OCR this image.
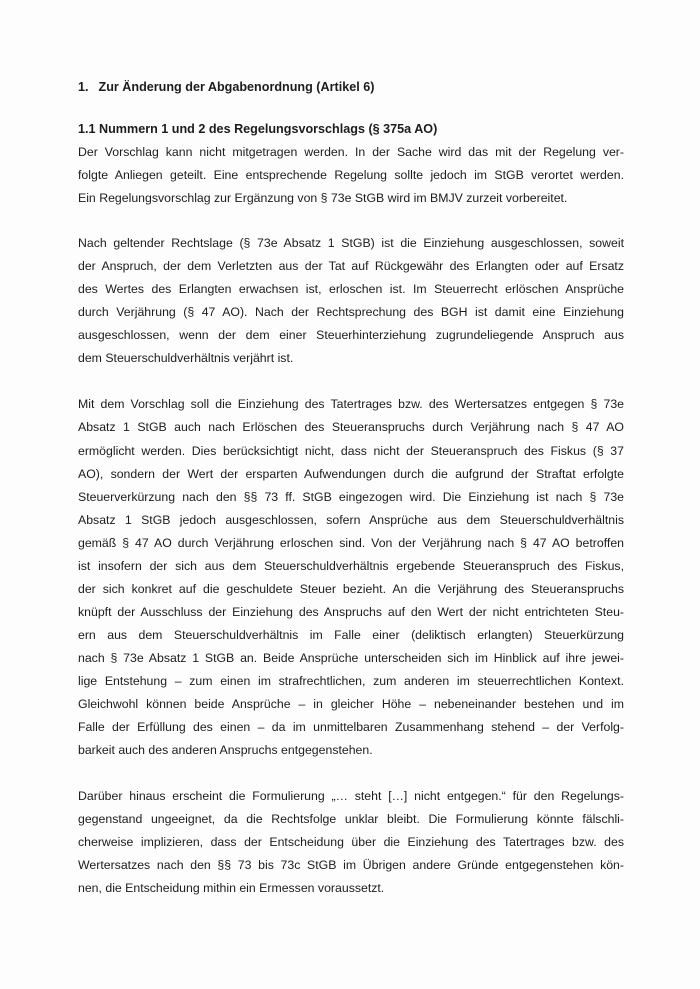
1. Zur Änderung der Abgabenordnung (Artikel 6)
1.1 Nummern 1 und 2 des Regelungsvorschlags (§ 375a AO)
Der Vorschlag kann nicht mitgetragen werden. In der Sache wird das mit der Regelung ver-
folgte Anliegen geteilt. Eine entsprechende Regelung sollte jedoch im StGB verortet werden.
Ein Regelungsvorschlag zur Ergänzung von § 73e StGB wird im BMJV zurzeit vorbereitet.
Nach geltender Rechtslage (§ 73e Absatz 1 StGB) ist die Einziehung ausgeschlossen, soweit
der Anspruch, der dem Verletzten aus der Tat auf Rückgewähr des Erlangten oder auf Ersatz
des Wertes des Erlangten erwachsen ist, erloschen ist. Im Steuerrecht erlöschen Ansprüche
durch Verjährung (§ 47 AO). Nach der Rechtsprechung des BGH ist damit eine Einziehung
ausgeschlossen, wenn der dem einer Steuerhinterziehung zugrundeliegende Anspruch aus
dem Steuerschuldverhältnis verjährt ist.
Mit dem Vorschlag soll die Einziehung des Tatertrages bzw. des Wertersatzes entgegen § 73e
Absatz 1 StGB auch nach Erlöschen des Steueranspruchs durch Verjährung nach § 47 AO
ermöglicht werden. Dies berücksichtigt nicht, dass nicht der Steueranspruch des Fiskus (§ 37
AO), sondern der Wert der ersparten Aufwendungen durch die aufgrund der Straftat erfolgte
Steuerverkürzung nach den §§ 73 ff. StGB eingezogen wird. Die Einziehung ist nach § 73e
Absatz 1 StGB jedoch ausgeschlossen, sofern Ansprüche aus dem Steuerschuldverhältnis
gemäß § 47 AO durch Verjährung erloschen sind. Von der Verjährung nach § 47 AO betroffen
ist insofern der sich aus dem Steuerschuldverhältnis ergebende Steueranspruch des Fiskus,
der sich konkret auf die geschuldete Steuer bezieht. An die Verjährung des Steueranspruchs
knüpft der Ausschluss der Einziehung des Anspruchs auf den Wert der nicht entrichteten Steu-
ern aus dem Steuerschuldverhältnis im Falle einer (deliktisch erlangten) Steuerkürzung
nach § 73e Absatz 1 StGB an. Beide Ansprüche unterscheiden sich im Hinblick auf ihre jewei-
lige Entstehung – zum einen im strafrechtlichen, zum anderen im steuerrechtlichen Kontext.
Gleichwohl können beide Ansprüche – in gleicher Höhe – nebeneinander bestehen und im
Falle der Erfüllung des einen – da im unmittelbaren Zusammenhang stehend – der Verfolg-
barkeit auch des anderen Anspruchs entgegenstehen.
Darüber hinaus erscheint die Formulierung „… steht […] nicht entgegen.“ für den Regelungs-
gegenstand ungeeignet, da die Rechtsfolge unklar bleibt. Die Formulierung könnte fälschli-
cherweise implizieren, dass der Entscheidung über die Einziehung des Tatertrages bzw. des
Wertersatzes nach den §§ 73 bis 73c StGB im Übrigen andere Gründe entgegenstehen kön-
nen, die Entscheidung mithin ein Ermessen voraussetzt.
